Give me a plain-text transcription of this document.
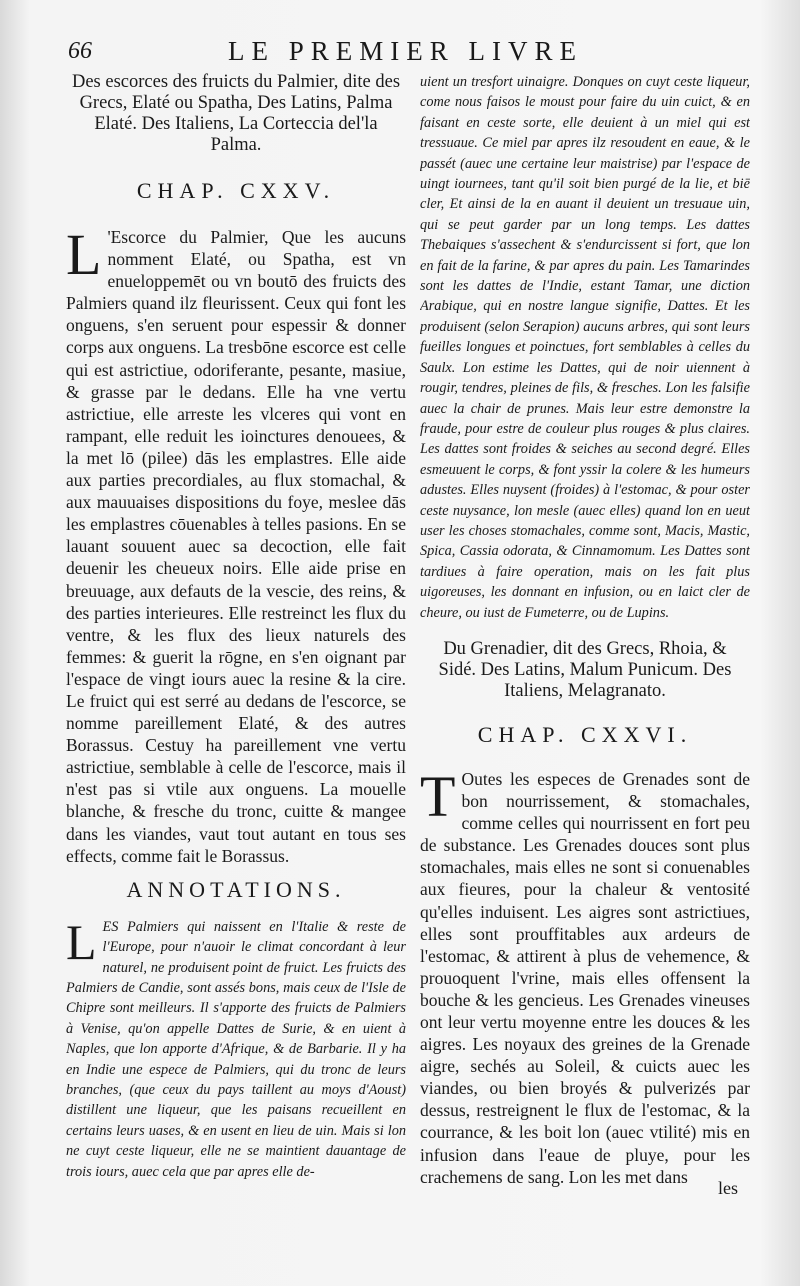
66	LE PREMIER LIVRE

Des escorces des fruicts du Palmier, dite des Grecs, Elaté ou Spatha, Des Latins, Palma Elaté. Des Italiens, La Corteccia del'la Palma.

CHAP. CXXV.

L 'Escorce du Palmier, Que les aucuns nomment Elaté, ou Spatha, est vn enueloppemēt ou vn boutō des fruicts des Palmiers quand ilz fleurissent. Ceux qui font les onguens, s'en seruent pour espessir & donner corps aux onguens. La tresbōne escorce est celle qui est astrictiue, odoriferante, pesante, masiue, & grasse par le dedans. Elle ha vne vertu astrictiue, elle arreste les vlceres qui vont en rampant, elle reduit les ioinctures denouees, & la met lō (pilee) dās les emplastres. Elle aide aux parties precordiales, au flux stomachal, & aux mauuaises dispositions du foye, meslee dās les emplastres cōuenables à telles pasions. En se lauant souuent auec sa decoction, elle fait deuenir les cheueux noirs. Elle aide prise en breuuage, aux defauts de la vescie, des reins, & des parties interieures. Elle restreinct les flux du ventre, & les flux des lieux naturels des femmes: & guerit la rōgne, en s'en oignant par l'espace de vingt iours auec la resine & la cire. Le fruict qui est serré au dedans de l'escorce, se nomme pareillement Elaté, & des autres Borassus. Cestuy ha pareillement vne vertu astrictiue, semblable à celle de l'escorce, mais il n'est pas si vtile aux onguens. La mouelle blanche, & fresche du tronc, cuitte & mangee dans les viandes, vaut tout autant en tous ses effects, comme fait le Borassus.

ANNOTATIONS.

LES Palmiers qui naissent en l'Italie & reste de l'Europe, pour n'auoir le climat concordant à leur naturel, ne produisent point de fruict. Les fruicts des Palmiers de Candie, sont assés bons, mais ceux de l'Isle de Chipre sont meilleurs. Il s'apporte des fruicts de Palmiers à Venise, qu'on appelle Dattes de Surie, & en uient à Naples, que lon apporte d'Afrique, & de Barbarie. Il y ha en Indie une espece de Palmiers, qui du tronc de leurs branches, (que ceux du pays taillent au moys d'Aoust) distillent une liqueur, que les paisans recueillent en certains leurs uases, & en usent en lieu de uin. Mais si lon ne cuyt ceste liqueur, elle ne se maintient dauantage de trois iours, auec cela que par apres elle de-

uient un tresfort uinaigre. Donques on cuyt ceste liqueur, come nous faisos le moust pour faire du uin cuict, & en faisant en ceste sorte, elle deuient à un miel qui est tressuaue. Ce miel par apres ilz resoudent en eaue, & le passét (auec une certaine leur maistrise) par l'espace de uingt iournees, tant qu'il soit bien purgé de la lie, et biē cler, Et ainsi de la en auant il deuient un tresuaue uin, qui se peut garder par un long temps. Les dattes Thebaiques s'assechent & s'endurcissent si fort, que lon en fait de la farine, & par apres du pain. Les Tamarindes sont les dattes de l'Indie, estant Tamar, une diction Arabique, qui en nostre langue signifie, Dattes. Et les produisent (selon Serapion) aucuns arbres, qui sont leurs fueilles longues et poinctues, fort semblables à celles du Saulx. Lon estime les Dattes, qui de noir uiennent à rougir, tendres, pleines de fils, & fresches. Lon les falsifie auec la chair de prunes. Mais leur estre demonstre la fraude, pour estre de couleur plus rouges & plus claires. Les dattes sont froides & seiches au second degré. Elles esmeuuent le corps, & font yssir la colere & les humeurs adustes. Elles nuysent (froides) à l'estomac, & pour oster ceste nuysance, lon mesle (auec elles) quand lon en ueut user les choses stomachales, comme sont, Macis, Mastic, Spica, Cassia odorata, & Cinnamomum. Les Dattes sont tardiues à faire operation, mais on les fait plus uigoreuses, les donnant en infusion, ou en laict cler de cheure, ou iust de Fumeterre, ou de Lupins.

Du Grenadier, dit des Grecs, Rhoia, & Sidé. Des Latins, Malum Punicum. Des Italiens, Melagranato.

CHAP. CXXVI.

T Outes les especes de Grenades sont de bon nourrissement, & stomachales, comme celles qui nourrissent en fort peu de substance. Les Grenades douces sont plus stomachales, mais elles ne sont si conuenables aux fieures, pour la chaleur & ventosité qu'elles induisent. Les aigres sont astrictiues, elles sont prouffitables aux ardeurs de l'estomac, & attirent à plus de vehemence, & prouoquent l'vrine, mais elles offensent la bouche & les gencieus. Les Grenades vineuses ont leur vertu moyenne entre les douces & les aigres. Les noyaux des greines de la Grenade aigre, sechés au Soleil, & cuicts auec les viandes, ou bien broyés & pulverizés par dessus, restreignent le flux de l'estomac, & la courrance, & les boit lon (auec vtilité) mis en infusion dans l'eaue de pluye, pour les crachemens de sang. Lon les met dans

les
